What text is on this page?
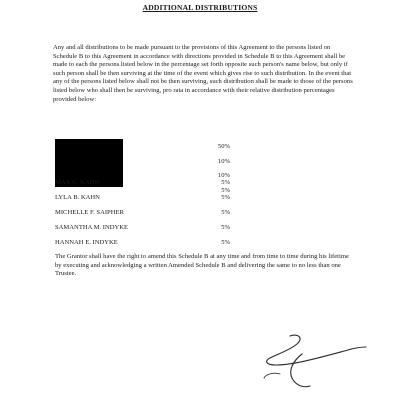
ADDITIONAL DISTRIBUTIONS

Any and all distributions to be made pursuant to the provisions of this Agreement to the persons listed on Schedule B to this Agreement in accordance with directions provided in Schedule B to this Agreement shall be made to each the persons listed below in the percentage set forth opposite such person's name below, but only if such person shall be then surviving at the time of the event which gives rise to such distribution. In the event that any of the persons listed below shall not be then surviving, such distribution shall be made to those of the persons listed below who shall then be surviving, pro rata in accordance with their relative distribution percentages provided below:

50%
10%
10%
5%
MAX G. KAHN	5%
LYLA B. KAHN	5%
MICHELLE F. SAIPHER	5%
SAMANTHA M. INDYKE	5%
HANNAH E. INDYKE	5%

The Grantor shall have the right to amend this Schedule B at any time and from time to time during his lifetime by executing and acknowledging a written Amended Schedule B and delivering the same to no less than one Trustee.
